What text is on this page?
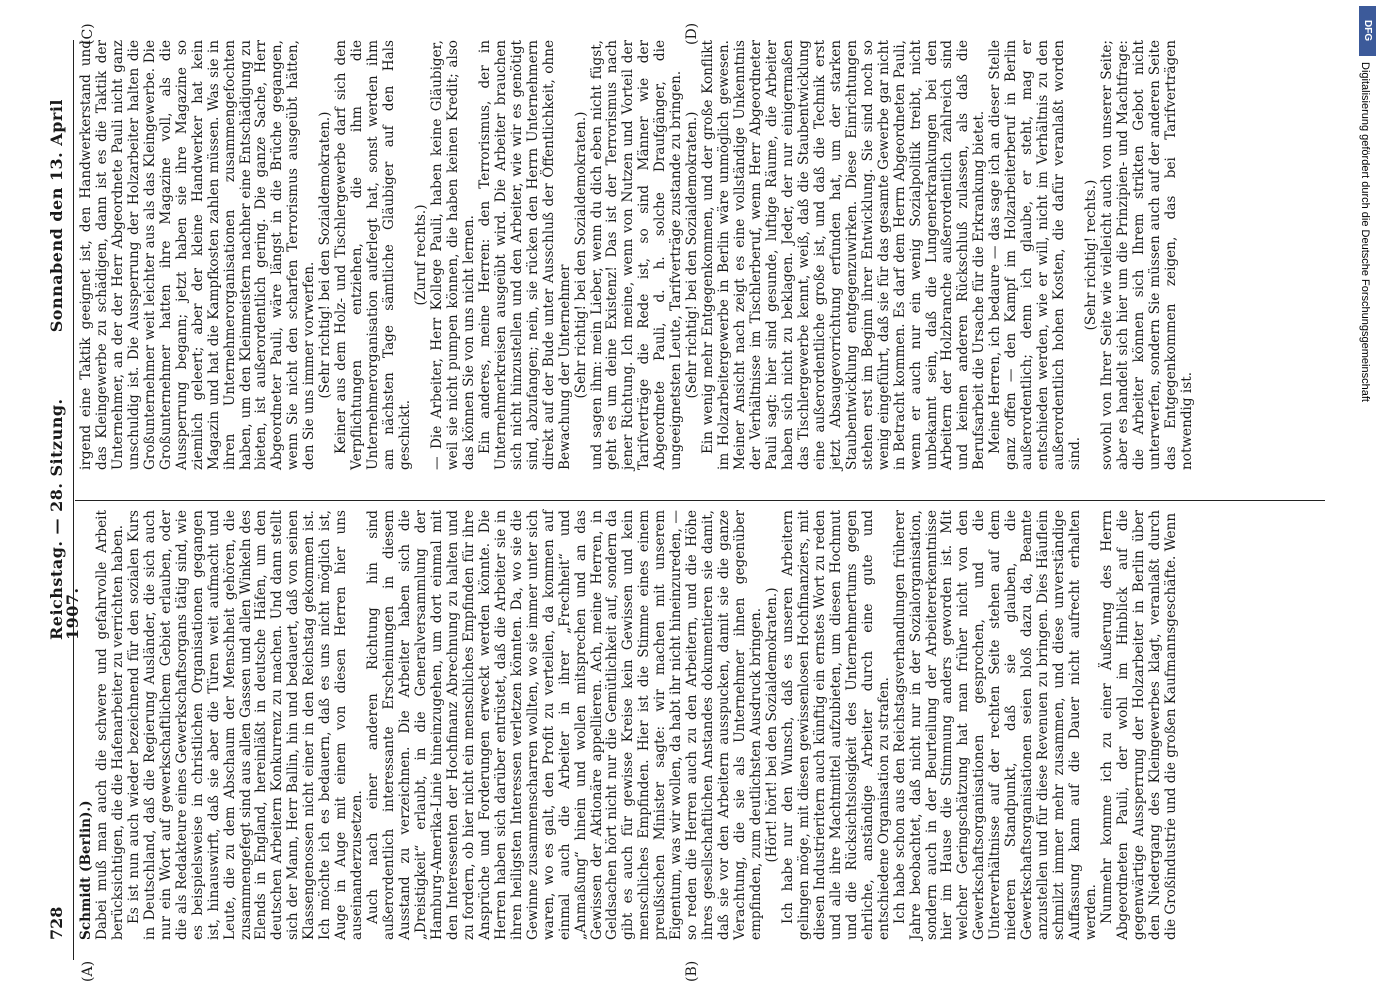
728
Reichstag. — 28. Sitzung. Sonnabend den 13. April 1907.
(A)	(B)
(C)	(D)

Schmidt (Berlin).) Dabei muß man auch die schwere und gefahrvolle Arbeit berücksichtigen, die die Hafenarbeiter zu verrichten haben. Es ist nun auch wieder bezeichnend für den sozialen Kurs in Deutschland, daß die Regierung Ausländer, die sich auch nur ein Wort auf gewerkschaftlichem Gebiet erlauben, oder die als Redakteure eines Gewerkschaftsorgans tätig sind, wie es beispielsweise in christlichen Organisationen gegangen ist, hinauswirft, daß sie aber die Türen weit aufmacht und Leute, die zu dem Abschaum der Menschheit gehören, die zusammengefegt sind aus allen Gassen und allen Winkeln des Elends in England, hereinläßt in deutsche Häfen, um den deutschen Arbeitern Konkurrenz zu machen. Und dann stellt sich der Mann, Herr Ballin, hin und bedauert, daß von seinen Klassengenossen nicht einer in den Reichstag gekommen ist. Ich möchte ich es bedauern, daß es uns nicht möglich ist, Auge in Auge mit einem von diesen Herren hier uns auseinanderzusetzen. Auch nach einer anderen Richtung hin sind außerordentlich interessante Erscheinungen in diesem Ausstand zu verzeichnen. Die Arbeiter haben sich die „Dreistigkeit“ erlaubt, in die Generalversammlung der Hamburg-Amerika-Linie hineinzugehen, um dort einmal mit den Interessenten der Hochfinanz Abrechnung zu halten und zu fordern, ob hier nicht ein menschliches Empfinden für ihre Ansprüche und Forderungen erweckt werden könnte. Die Herren haben sich darüber entrüstet, daß die Arbeiter sie in ihren heiligsten Interessen verletzen könnten. Da, wo sie die Gewinne zusammenscharren wollten, wo sie immer unter sich waren, wo es galt, den Profit zu verteilen, da kommen auf einmal auch die Arbeiter in ihrer „Frechheit“ und „Anmaßung“ hinein und wollen mitsprechen und an das Gewissen der Aktionäre appellieren. Ach, meine Herren, in Geldsachen hört nicht nur die Gemütlichkeit auf, sondern da gibt es auch für gewisse Kreise kein Gewissen und kein menschliches Empfinden. Hier ist die Stimme eines einem preußischen Minister sagte: wir machen mit unserem Eigentum, was wir wollen, da habt ihr nicht hineinzureden, — so reden die Herren auch zu den Arbeitern, und die Höhe ihres gesellschaftlichen Anstandes dokumentieren sie damit, daß sie vor den Arbeitern ausspucken, damit sie die ganze Verachtung, die sie als Unternehmer ihnen gegenüber empfinden, zum deutlichsten Ausdruck bringen. (Hört! hört! bei den Sozialdemokraten.) Ich habe nur den Wunsch, daß es unseren Arbeitern gelingen möge, mit diesen gewissenlosen Hochfinanziers, mit diesen Industrieritern auch künftig ein ernstes Wort zu reden und alle ihre Machtmittel aufzubieten, um diesen Hochmut und die Rücksichtslosigkeit des Unternehmertums gegen ehrliche, anständige Arbeiter durch eine gute und entschiedene Organisation zu strafen. Ich habe schon aus den Reichstagsverhandlungen früherer Jahre beobachtet, daß nicht nur in der Sozialorganisation, sondern auch in der Beurteilung der Arbeitererkenntnisse hier im Hause die Stimmung anders geworden ist. Mit welcher Geringschätzung hat man früher nicht von den Gewerkschaftsorganisationen gesprochen, und die Unterverhältnisse auf der rechten Seite stehen auf dem niederen Standpunkt, daß sie glauben, die Gewerkschaftsorganisationen seien bloß dazu da, Beamte anzustellen und für diese Revenuen zu bringen. Dies Häuflein schmilzt immer mehr zusammen, und diese unverständige Auffassung kann auf die Dauer nicht aufrecht erhalten werden. Nunmehr komme ich zu einer Äußerung des Herrn Abgeordneten Pauli, der wohl im Hinblick auf die gegenwärtige Aussperrung der Holzarbeiter in Berlin über den Niedergang des Kleingewerbes klagt, veranlaßt durch die Großindustrie und die großen Kaufmannsgeschäfte. Wenn

irgend eine Taktik geeignet ist, den Handwerkerstand und das Kleingewerbe zu schädigen, dann ist es die Taktik der Unternehmer, an der der Herr Abgeordnete Pauli nicht ganz unschuldig ist. Die Aussperrung der Holzarbeiter halten die Großunternehmer weit leichter aus als das Kleingewerbe. Die Großunternehmer hatten ihre Magazine voll, als die Aussperrung begann; jetzt haben sie ihre Magazine so ziemlich geleert; aber der kleine Handwerker hat kein Magazin und hat die Kampfkosten zahlen müssen. Was sie in ihren Unternehmerorganisationen zusammengefochten haben, um den Kleinmeistern nachher eine Entschädigung zu bieten, ist außerordentlich gering. Die ganze Sache, Herr Abgeordneter Pauli, wäre längst in die Brüche gegangen, wenn Sie nicht den scharfen Terrorismus ausgeübt hätten, den Sie uns immer vorwerfen. (Sehr richtig! bei den Sozialdemokraten.) Keiner aus dem Holz- und Tischlergewerbe darf sich den Verpflichtungen entziehen, die ihm die Unternehmerorganisation auferlegt hat, sonst werden ihm am nächsten Tage sämtliche Gläubiger auf den Hals geschickt.

(Zuruf rechts.) — Die Arbeiter, Herr Kollege Pauli, haben keine Gläubiger, weil sie nicht pumpen können, die haben keinen Kredit; also das können Sie von uns nicht lernen. Ein anderes, meine Herren: den Terrorismus, der in Unternehmerkreisen ausgeübt wird. Die Arbeiter brauchen sich nicht hinzustellen und den Arbeiter, wie wir es genötigt sind, abzufangen; nein, sie rücken den Herrn Unternehmern direkt auf der Bude unter Ausschluß der Öffentlichkeit, ohne Bewachung der Unternehmer (Sehr richtig! bei den Sozialdemokraten.) und sagen ihm: mein Lieber, wenn du dich eben nicht fügst, geht es um deine Existenz! Das ist der Terrorismus nach jener Richtung. Ich meine, wenn von Nutzen und Vorteil der Tarifverträge die Rede ist, so sind Männer wie der Abgeordnete Pauli, d. h. solche Draufgänger, die ungeeignetsten Leute, Tarifverträge zustande zu bringen. (Sehr richtig! bei den Sozialdemokraten.) Ein wenig mehr Entgegenkommen, und der große Konflikt im Holzarbeitergewerbe in Berlin wäre unmöglich gewesen. Meiner Ansicht nach zeigt es eine vollständige Unkenntnis der Verhältnisse im Tischlerberuf, wenn Herr Abgeordneter Pauli sagt: hier sind gesunde, luftige Räume, die Arbeiter haben sich nicht zu beklagen. Jeder, der nur einigermaßen das Tischlergewerbe kennt, weiß, daß die Staubentwicklung eine außerordentliche große ist, und daß die Technik erst jetzt Absaugevorrichtung erfunden hat, um der starken Staubentwicklung entgegenzuwirken. Diese Einrichtungen stehen erst im Beginn ihrer Entwicklung. Sie sind noch so wenig eingeführt, daß sie für das gesamte Gewerbe gar nicht in Betracht kommen. Es darf dem Herrn Abgeordneten Pauli, wenn er auch nur ein wenig Sozialpolitik treibt, nicht unbekannt sein, daß die Lungenerkrankungen bei den Arbeitern der Holzbranche außerordentlich zahlreich sind und keinen anderen Rückschluß zulassen, als daß die Berufsarbeit die Ursache für die Erkrankung bietet. Meine Herren, ich bedaure — das sage ich an dieser Stelle ganz offen — den Kampf im Holzarbeiterberuf in Berlin außerordentlich; denn ich glaube, er steht, mag er entschieden werden, wie er will, nicht im Verhältnis zu den außerordentlich hohen Kosten, die dafür veranlaßt worden sind.

(Sehr richtig! rechts.) sowohl von Ihrer Seite wie vielleicht auch von unserer Seite; aber es handelt sich hier um die Prinzipien- und Machtfrage: die Arbeiter können sich Ihrem strikten Gebot nicht unterwerfen, sondern Sie müssen auch auf der anderen Seite das Entgegenkommen zeigen, das bei Tarifverträgen notwendig ist.

DFG
Digitalisierung gefördert durch die Deutsche Forschungsgemeinschaft
